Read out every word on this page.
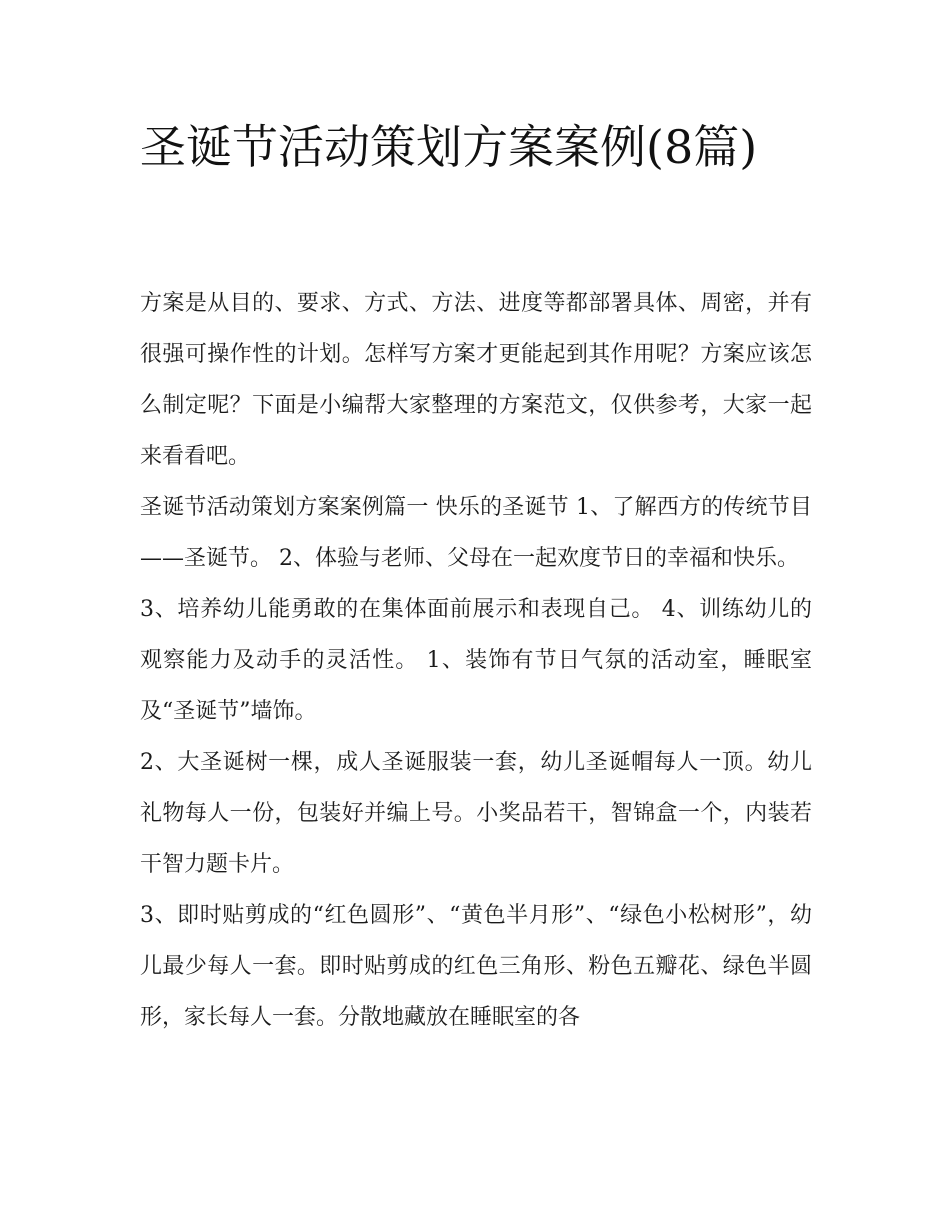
圣诞节活动策划方案案例(8篇)

方案是从目的、要求、方式、方法、进度等都部署具体、周密，并有很强可操作性的计划。怎样写方案才更能起到其作用呢？方案应该怎么制定呢？下面是小编帮大家整理的方案范文，仅供参考，大家一起来看看吧。

圣诞节活动策划方案案例篇一 快乐的圣诞节 1、了解西方的传统节目——圣诞节。 2、体验与老师、父母在一起欢度节日的幸福和快乐。

3、培养幼儿能勇敢的在集体面前展示和表现自己。 4、训练幼儿的观察能力及动手的灵活性。 1、装饰有节日气氛的活动室，睡眠室及“圣诞节”墙饰。

2、大圣诞树一棵，成人圣诞服装一套，幼儿圣诞帽每人一顶。幼儿礼物每人一份，包装好并编上号。小奖品若干，智锦盒一个，内装若干智力题卡片。

3、即时贴剪成的“红色圆形”、“黄色半月形”、“绿色小松树形”，幼儿最少每人一套。即时贴剪成的红色三角形、粉色五瓣花、绿色半圆形，家长每人一套。分散地藏放在睡眠室的各
